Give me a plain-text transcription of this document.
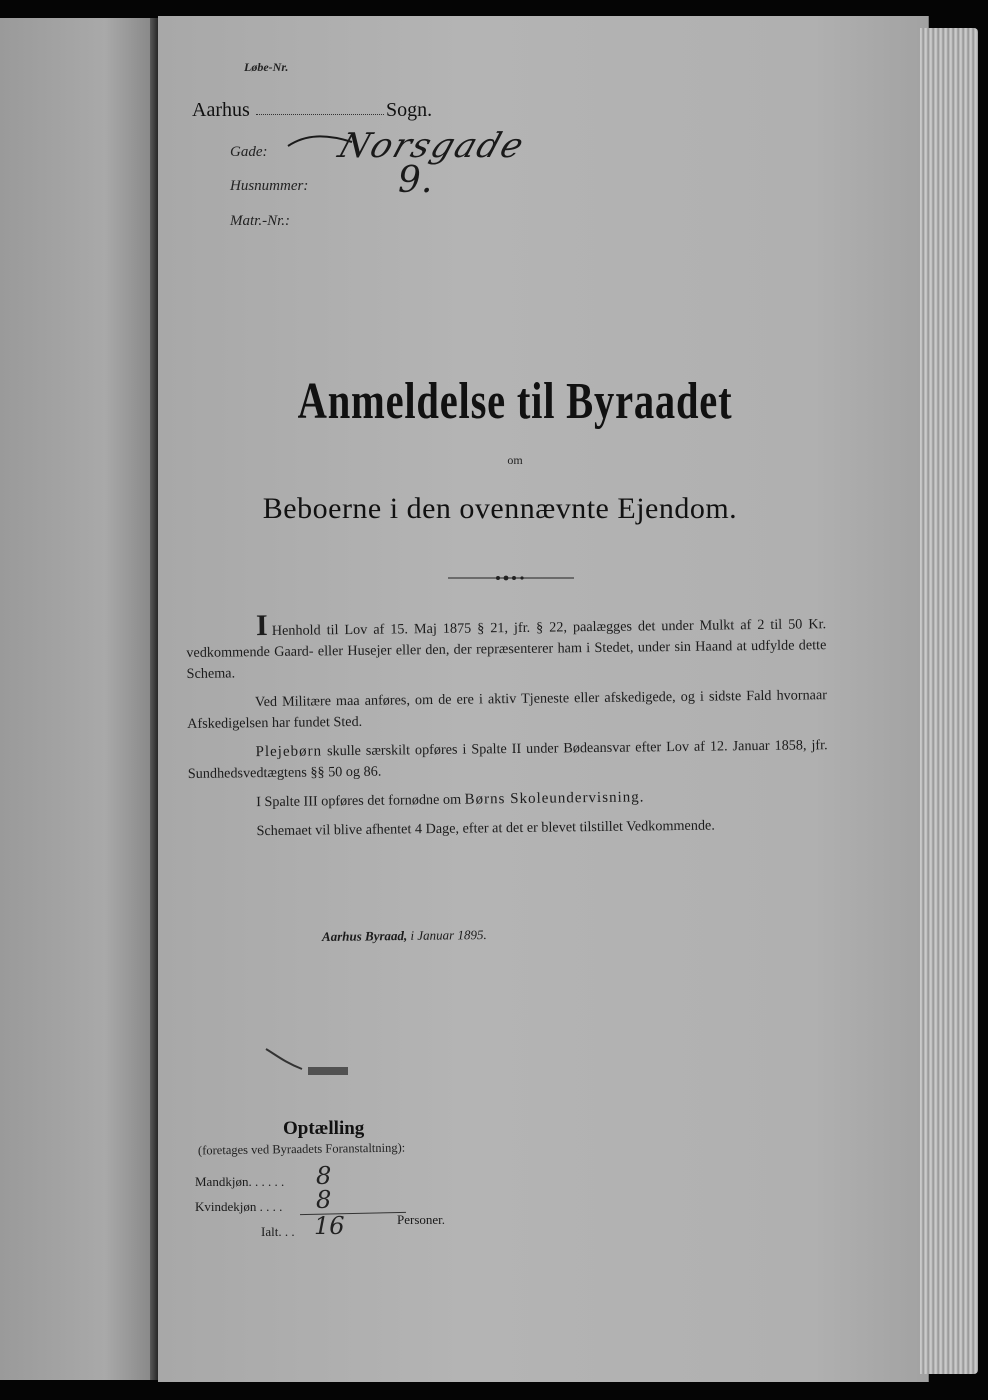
Løbe-Nr.
Aarhus	Sogn.
Gade: Norsgade
Husnummer: 9.
Matr.-Nr.:
Anmeldelse til Byraadet
om
Beboerne i den ovennævnte Ejendom.

I Henhold til Lov af 15. Maj 1875 § 21, jfr. § 22, paalægges det under Mulkt af 2 til 50 Kr. vedkommende Gaard- eller Husejer eller den, der repræsenterer ham i Stedet, under sin Haand at udfylde dette Schema.

Ved Militære maa anføres, om de ere i aktiv Tjeneste eller afskedigede, og i sidste Fald hvornaar Afskedigelsen har fundet Sted.

Plejebørn skulle særskilt opføres i Spalte II under Bødeansvar efter Lov af 12. Januar 1858, jfr. Sundhedsvedtægtens §§ 50 og 86.

I Spalte III opføres det fornødne om Børns Skoleundervisning.

Schemaet vil blive afhentet 4 Dage, efter at det er blevet tilstillet Vedkommende.

Aarhus Byraad, i Januar 1895.
Optælling
(foretages ved Byraadets Foranstaltning):
Mandkjøn. . . . . . 8
Kvindekjøn . . . . 8
Ialt. . . 16	Personer.
